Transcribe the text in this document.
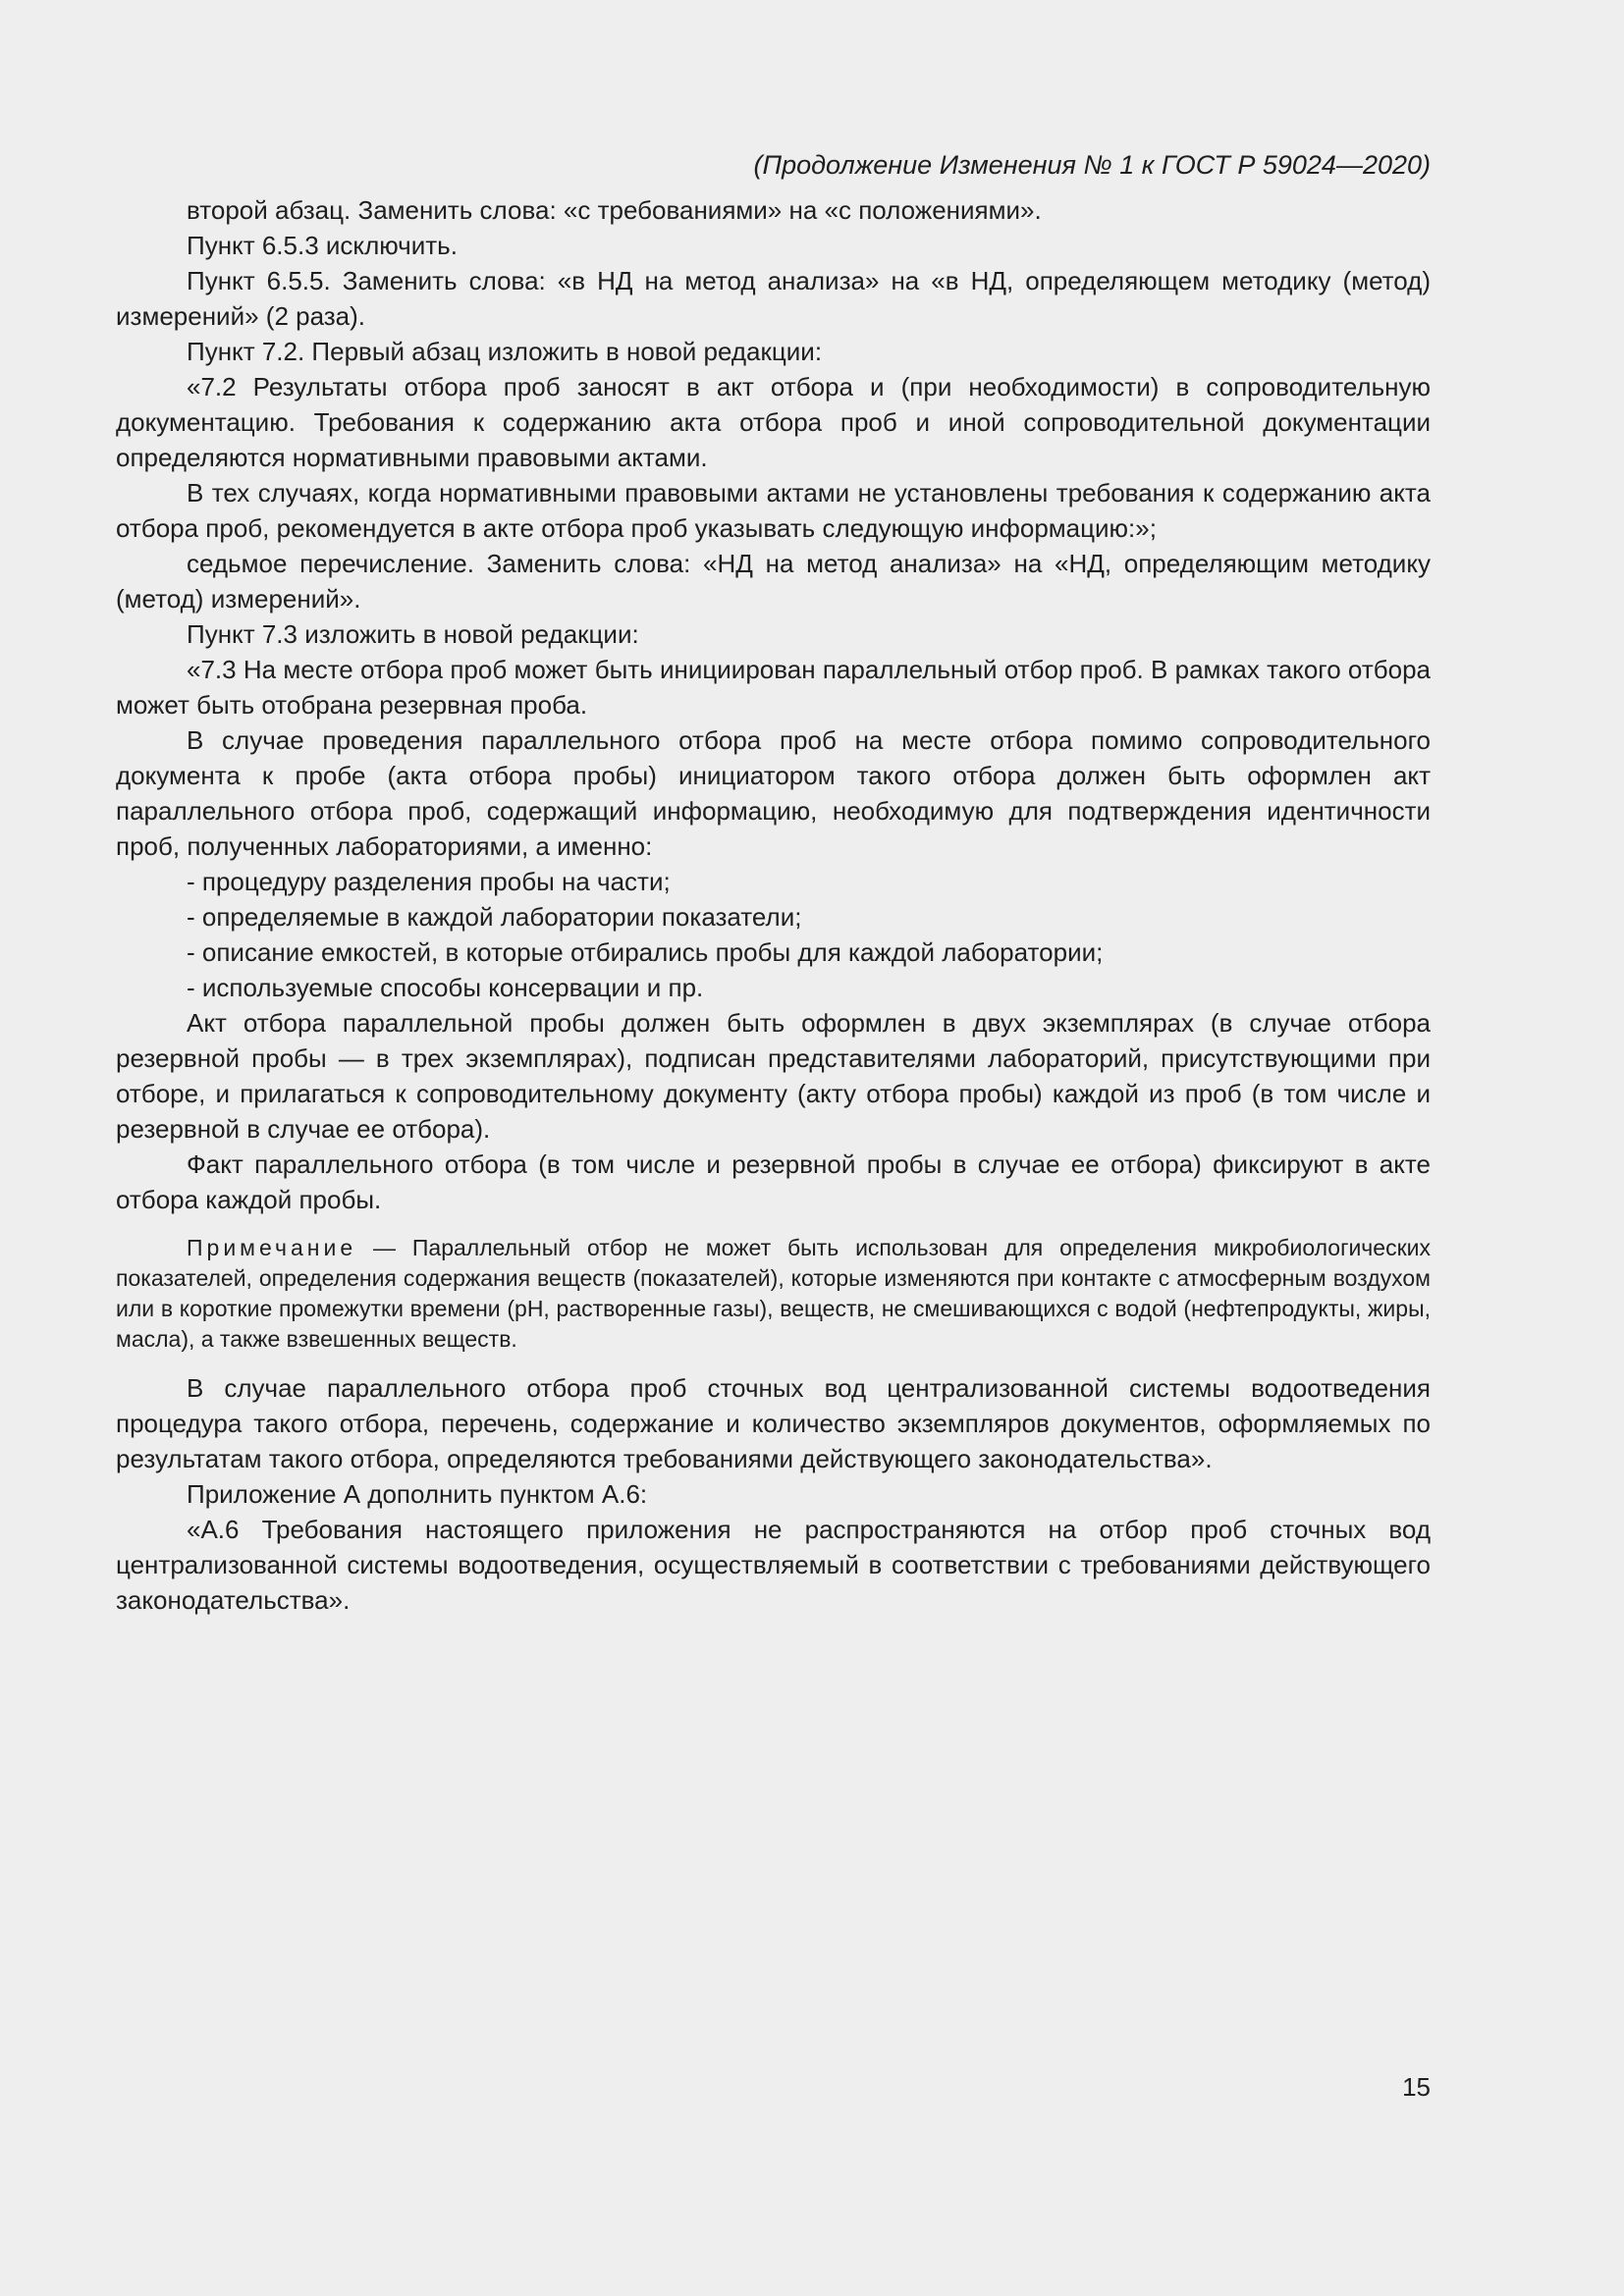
(Продолжение Изменения № 1 к ГОСТ Р 59024—2020)

второй абзац. Заменить слова: «с требованиями» на «с положениями».

Пункт 6.5.3 исключить.

Пункт 6.5.5. Заменить слова: «в НД на метод анализа» на «в НД, определяющем методику (метод) измерений» (2 раза).

Пункт 7.2. Первый абзац изложить в новой редакции:

«7.2 Результаты отбора проб заносят в акт отбора и (при необходимости) в сопроводительную документацию. Требования к содержанию акта отбора проб и иной сопроводительной документации определяются нормативными правовыми актами.

В тех случаях, когда нормативными правовыми актами не установлены требования к содержанию акта отбора проб, рекомендуется в акте отбора проб указывать следующую информацию:»;

седьмое перечисление. Заменить слова: «НД на метод анализа» на «НД, определяющим методику (метод) измерений».

Пункт 7.3 изложить в новой редакции:

«7.3 На месте отбора проб может быть инициирован параллельный отбор проб. В рамках такого отбора может быть отобрана резервная проба.

В случае проведения параллельного отбора проб на месте отбора помимо сопроводительного документа к пробе (акта отбора пробы) инициатором такого отбора должен быть оформлен акт параллельного отбора проб, содержащий информацию, необходимую для подтверждения идентичности проб, полученных лабораториями, а именно:

- процедуру разделения пробы на части;

- определяемые в каждой лаборатории показатели;

- описание емкостей, в которые отбирались пробы для каждой лаборатории;

- используемые способы консервации и пр.

Акт отбора параллельной пробы должен быть оформлен в двух экземплярах (в случае отбора резервной пробы — в трех экземплярах), подписан представителями лабораторий, присутствующими при отборе, и прилагаться к сопроводительному документу (акту отбора пробы) каждой из проб (в том числе и резервной в случае ее отбора).

Факт параллельного отбора (в том числе и резервной пробы в случае ее отбора) фиксируют в акте отбора каждой пробы.

Примечание — Параллельный отбор не может быть использован для определения микробиологических показателей, определения содержания веществ (показателей), которые изменяются при контакте с атмосферным воздухом или в короткие промежутки времени (рН, растворенные газы), веществ, не смешивающихся с водой (нефтепродукты, жиры, масла), а также взвешенных веществ.

В случае параллельного отбора проб сточных вод централизованной системы водоотведения процедура такого отбора, перечень, содержание и количество экземпляров документов, оформляемых по результатам такого отбора, определяются требованиями действующего законодательства».

Приложение А дополнить пунктом А.6:

«А.6 Требования настоящего приложения не распространяются на отбор проб сточных вод централизованной системы водоотведения, осуществляемый в соответствии с требованиями действующего законодательства».

15
